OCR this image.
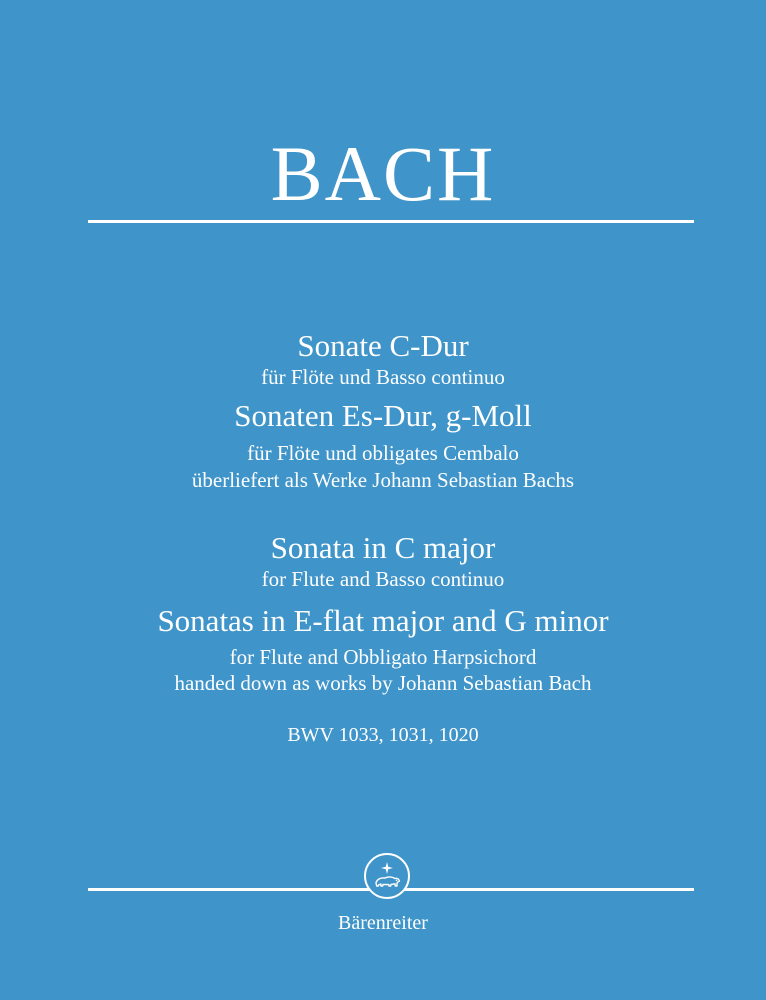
BACH
Sonate C-Dur
für Flöte und Basso continuo
Sonaten Es-Dur, g-Moll
für Flöte und obligates Cembalo
überliefert als Werke Johann Sebastian Bachs
Sonata in C major
for Flute and Basso continuo
Sonatas in E-flat major and G minor
for Flute and Obbligato Harpsichord
handed down as works by Johann Sebastian Bach
BWV 1033, 1031, 1020
Bärenreiter
